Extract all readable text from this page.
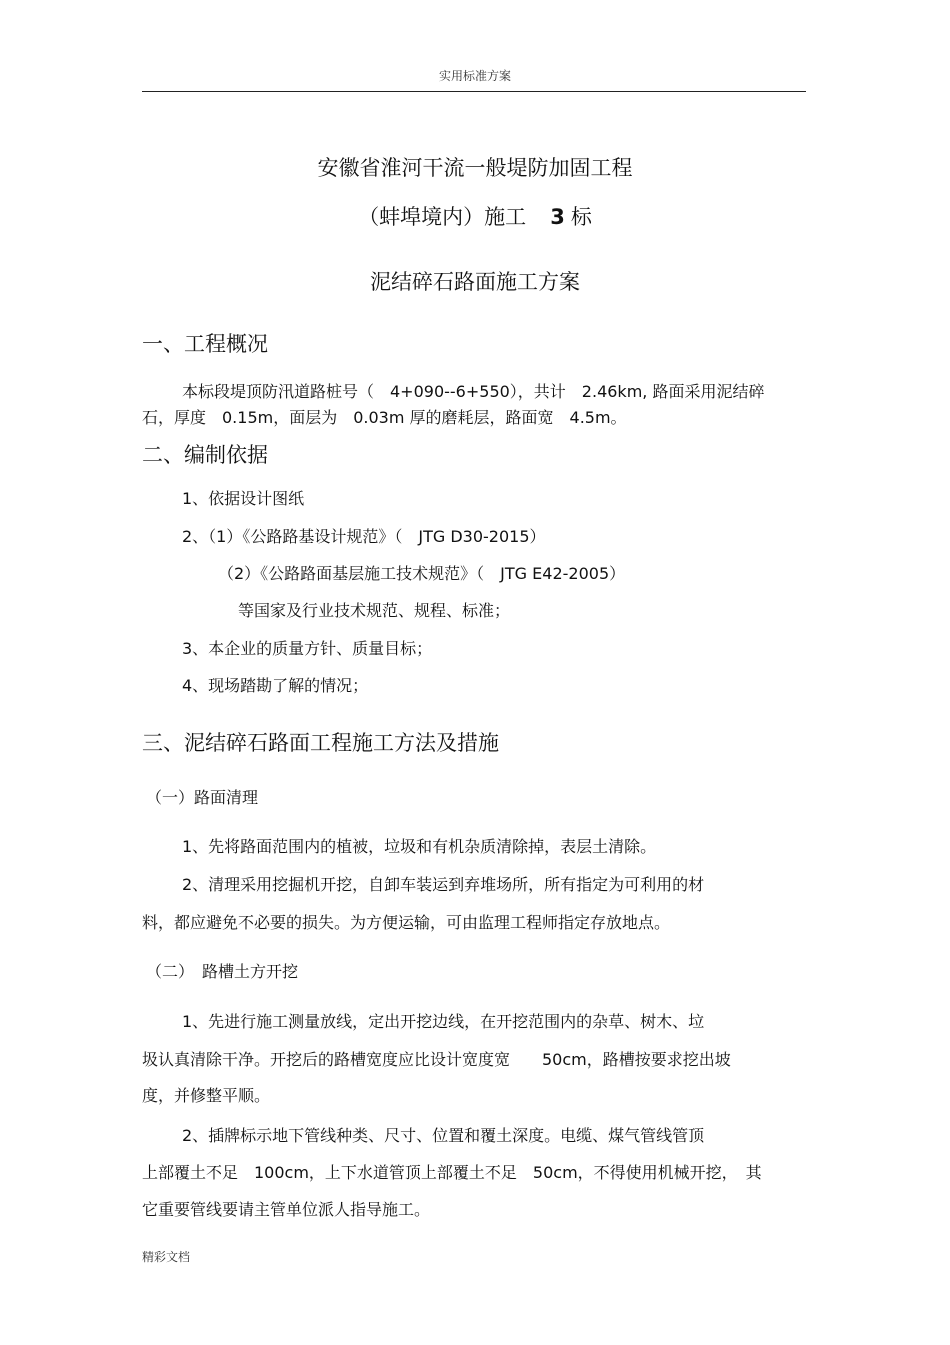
实用标准方案
安徽省淮河干流一般堤防加固工程
（蚌埠境内）施工 3 标
泥结碎石路面施工方案
一、工程概况
本标段堤顶防汛道路桩号（　4+090--6+550），共计　2.46km, 路面采用泥结碎
石，厚度　0.15m，面层为　0.03m 厚的磨耗层，路面宽　4.5m。
二、编制依据
1、依据设计图纸
2、（1）《公路路基设计规范》（　JTG D30-2015）
（2）《公路路面基层施工技术规范》（　JTG E42-2005）
等国家及行业技术规范、规程、标准；
3、本企业的质量方针、质量目标；
4、现场踏勘了解的情况；
三、泥结碎石路面工程施工方法及措施
（一）路面清理
1、先将路面范围内的植被，垃圾和有机杂质清除掉，表层土清除。
2、清理采用挖掘机开挖，自卸车装运到弃堆场所，所有指定为可利用的材
料，都应避免不必要的损失。为方便运输，可由监理工程师指定存放地点。
（二）　路槽土方开挖
1、先进行施工测量放线，定出开挖边线，在开挖范围内的杂草、树木、垃
圾认真清除干净。开挖后的路槽宽度应比设计宽度宽　　50cm，路槽按要求挖出坡
度，并修整平顺。
2、插牌标示地下管线种类、尺寸、位置和覆土深度。电缆、煤气管线管顶
上部覆土不足　100cm，上下水道管顶上部覆土不足　50cm，不得使用机械开挖，　其
它重要管线要请主管单位派人指导施工。
精彩文档
